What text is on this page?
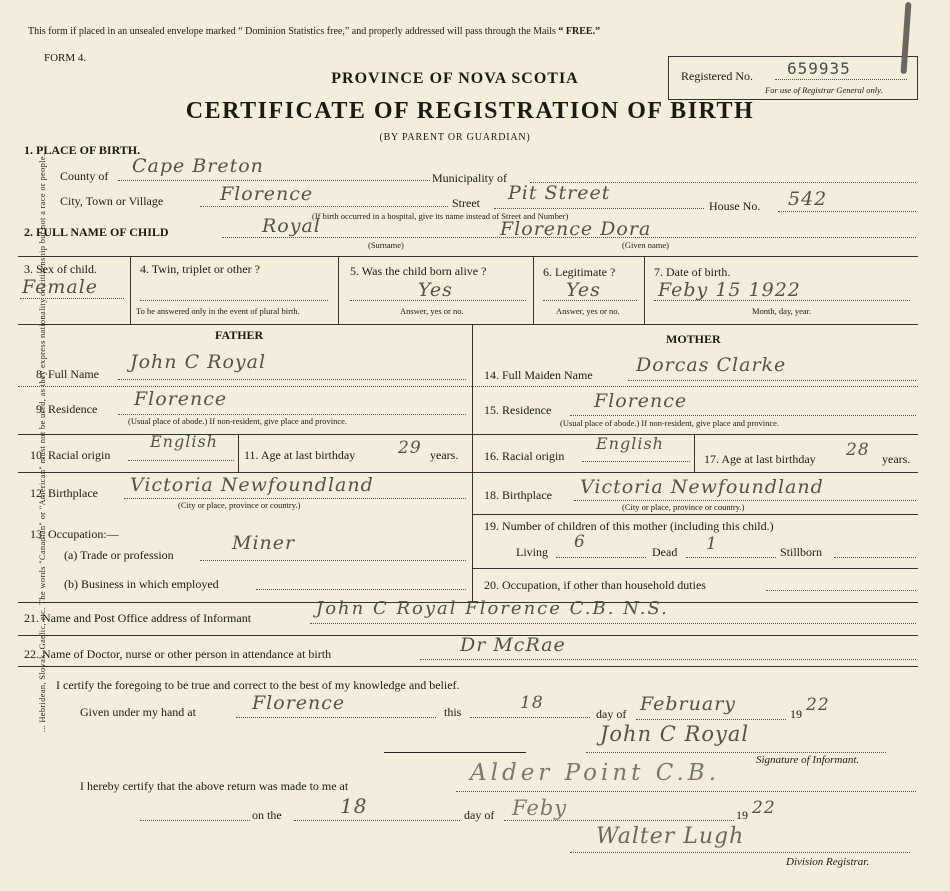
... Hebridean, Slovak, Gaelic, etc. The words "Canadian" or "American" must not be used, as they express nationality or citizenship but not a race or people.
This form if placed in an unsealed envelope marked “ Dominion Statistics free,” and properly addressed will pass through the Mails “ FREE.”
FORM 4.
Registered No. 659935
For use of Registrar General only.
PROVINCE OF NOVA SCOTIA
CERTIFICATE OF REGISTRATION OF BIRTH
(BY PARENT OR GUARDIAN)
1. PLACE OF BIRTH.
County of Cape Breton
Municipality of
City, Town or Village	Florence	Street Pit Street
House No. 542
(If birth occurred in a hospital, give its name instead of Street and Number)
2. FULL NAME OF CHILD	Royal	Florence Dora
(Surname)	(Given name)
3. Sex of child.
Female
4. Twin, triplet or other ?
To be answered only in the event of plural birth.
5. Was the child born alive ?
Yes
Answer, yes or no.
6. Legitimate ?
Yes
Answer, yes or no.
7. Date of birth.
Feby 15 1922
Month, day, year.
FATHER	MOTHER
8. Full Name
John C Royal
9. Residence Florence
(Usual place of abode.) If non-resident, give place and province.
10. Racial origin
English
11. Age at last birthday	29 years.
12. Birthplace Victoria Newfoundland
(City or place, province or country.)
13. Occupation:—
(a) Trade or profession
Miner
(b) Business in which employed
14. Full Maiden Name Dorcas Clarke
15. Residence Florence
(Usual place of abode.) If non-resident, give place and province.
16. Racial origin
English
17. Age at last birthday 28 years.
18. Birthplace Victoria Newfoundland
(City or place, province or country.)
19. Number of children of this mother (including this child.)
Living 6	Dead 1	Stillborn
20. Occupation, if other than household duties
21. Name and Post Office address of Informant	John C Royal Florence C.B. N.S.
22. Name of Doctor, nurse or other person in attendance at birth	Dr McRae
I certify the foregoing to be true and correct to the best of my knowledge and belief.
Given under my hand at	Florence	this	18
day of February	19 22
John C Royal
Signature of Informant.
I hereby certify that the above return was made to me at	Alder Point C.B.
on the	18	day of Feby	19 22
Walter Lugh
Division Registrar.
